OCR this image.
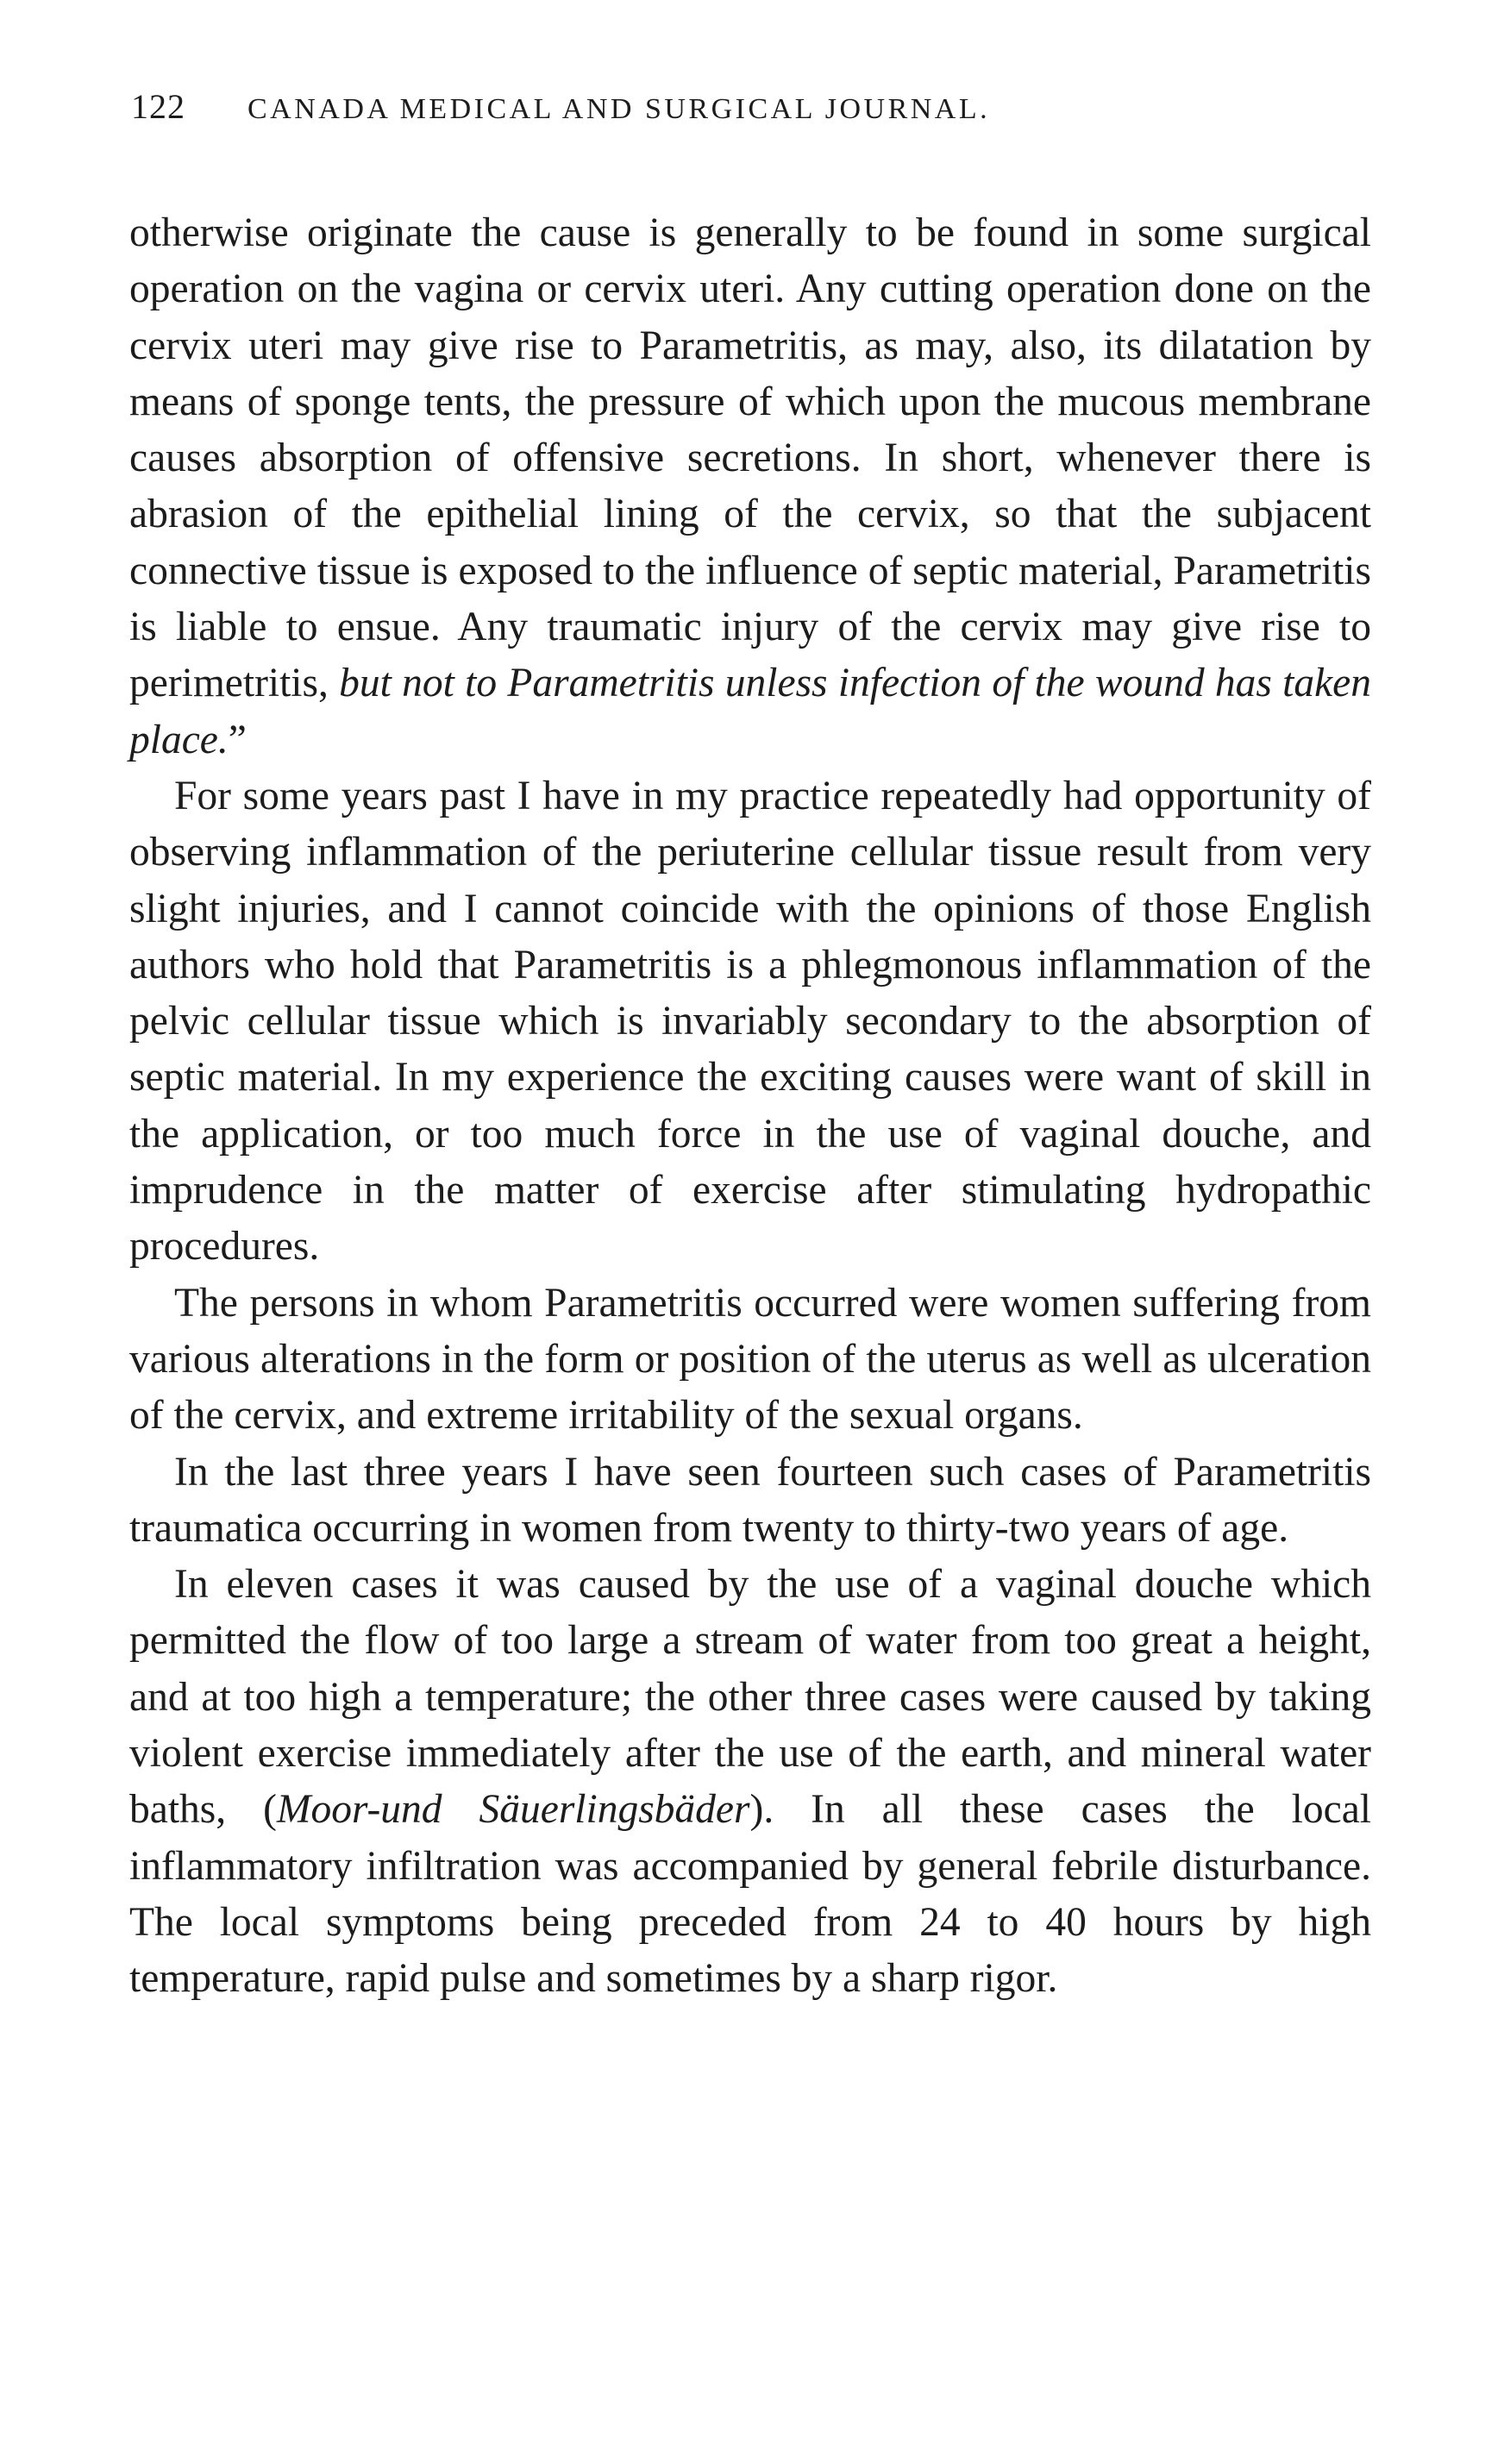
122	CANADA MEDICAL AND SURGICAL JOURNAL.

otherwise originate the cause is generally to be found in some surgical operation on the vagina or cervix uteri. Any cutting operation done on the cervix uteri may give rise to Parametritis, as may, also, its dilatation by means of sponge tents, the pressure of which upon the mucous membrane causes absorption of offensive secretions. In short, whenever there is abrasion of the epithelial lining of the cervix, so that the subjacent connective tissue is exposed to the influence of septic material, Parametritis is liable to ensue. Any traumatic injury of the cervix may give rise to perimetritis, but not to Parametritis unless infection of the wound has taken place.”

For some years past I have in my practice repeatedly had opportunity of observing inflammation of the periuterine cellular tissue result from very slight injuries, and I cannot coincide with the opinions of those English authors who hold that Parametritis is a phlegmonous inflammation of the pelvic cellular tissue which is invariably secondary to the absorption of septic material. In my experience the exciting causes were want of skill in the application, or too much force in the use of vaginal douche, and imprudence in the matter of exercise after stimulating hydropathic procedures.

The persons in whom Parametritis occurred were women suffering from various alterations in the form or position of the uterus as well as ulceration of the cervix, and extreme irritability of the sexual organs.

In the last three years I have seen fourteen such cases of Parametritis traumatica occurring in women from twenty to thirty-two years of age.

In eleven cases it was caused by the use of a vaginal douche which permitted the flow of too large a stream of water from too great a height, and at too high a temperature; the other three cases were caused by taking violent exercise immediately after the use of the earth, and mineral water baths, (Moor-und Säuerlingsbäder). In all these cases the local inflammatory infiltration was accompanied by general febrile disturbance. The local symptoms being preceded from 24 to 40 hours by high temperature, rapid pulse and sometimes by a sharp rigor.
